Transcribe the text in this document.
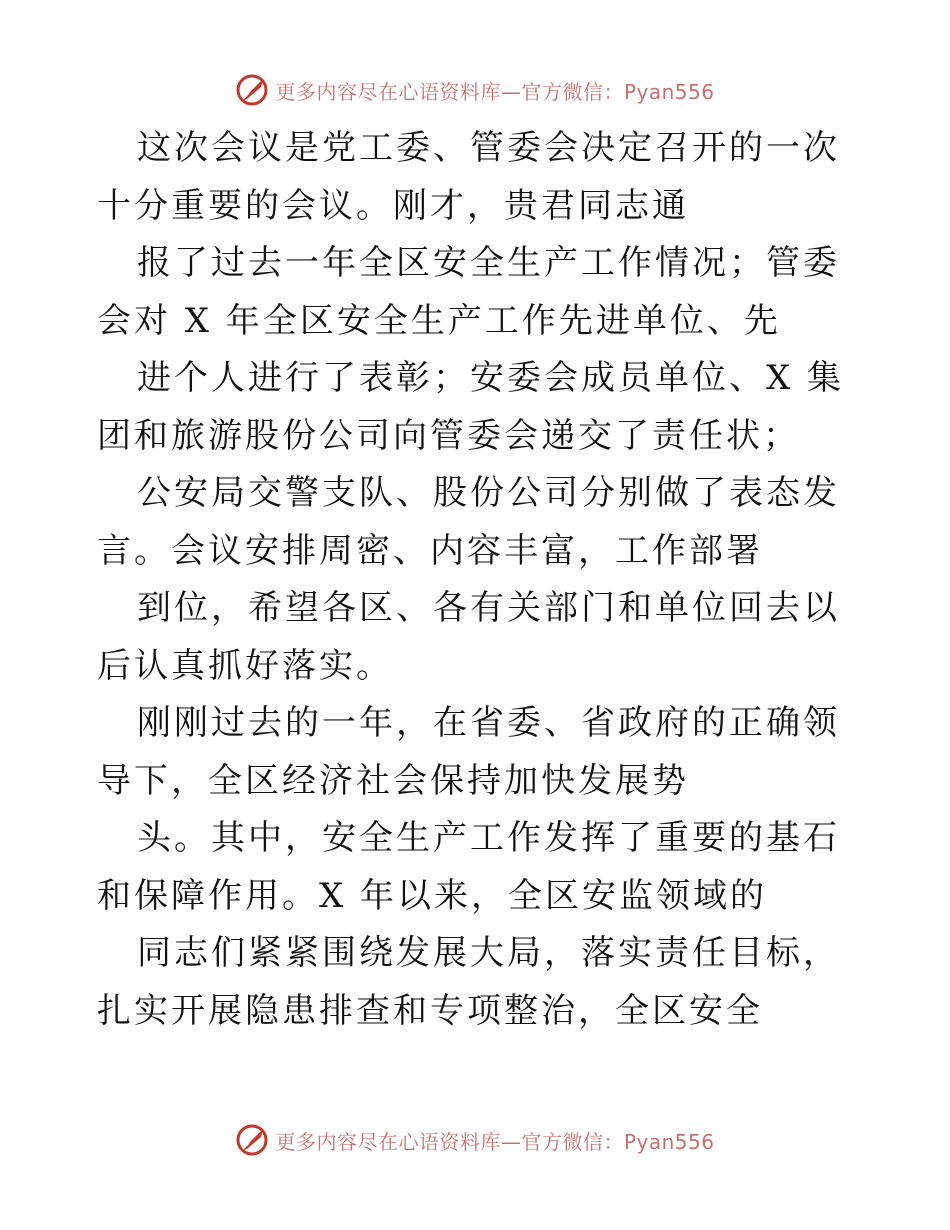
更多内容尽在心语资料库—官方微信：Pyan556

这次会议是党工委、管委会决定召开的一次十分重要的会议。刚才，贵君同志通

报了过去一年全区安全生产工作情况；管委会对 X 年全区安全生产工作先进单位、先

进个人进行了表彰；安委会成员单位、X 集团和旅游股份公司向管委会递交了责任状；

公安局交警支队、股份公司分别做了表态发言。会议安排周密、内容丰富，工作部署

到位，希望各区、各有关部门和单位回去以后认真抓好落实。

刚刚过去的一年，在省委、省政府的正确领导下，全区经济社会保持加快发展势

头。其中，安全生产工作发挥了重要的基石和保障作用。X 年以来，全区安监领域的

同志们紧紧围绕发展大局，落实责任目标，扎实开展隐患排查和专项整治，全区安全

更多内容尽在心语资料库—官方微信：Pyan556
